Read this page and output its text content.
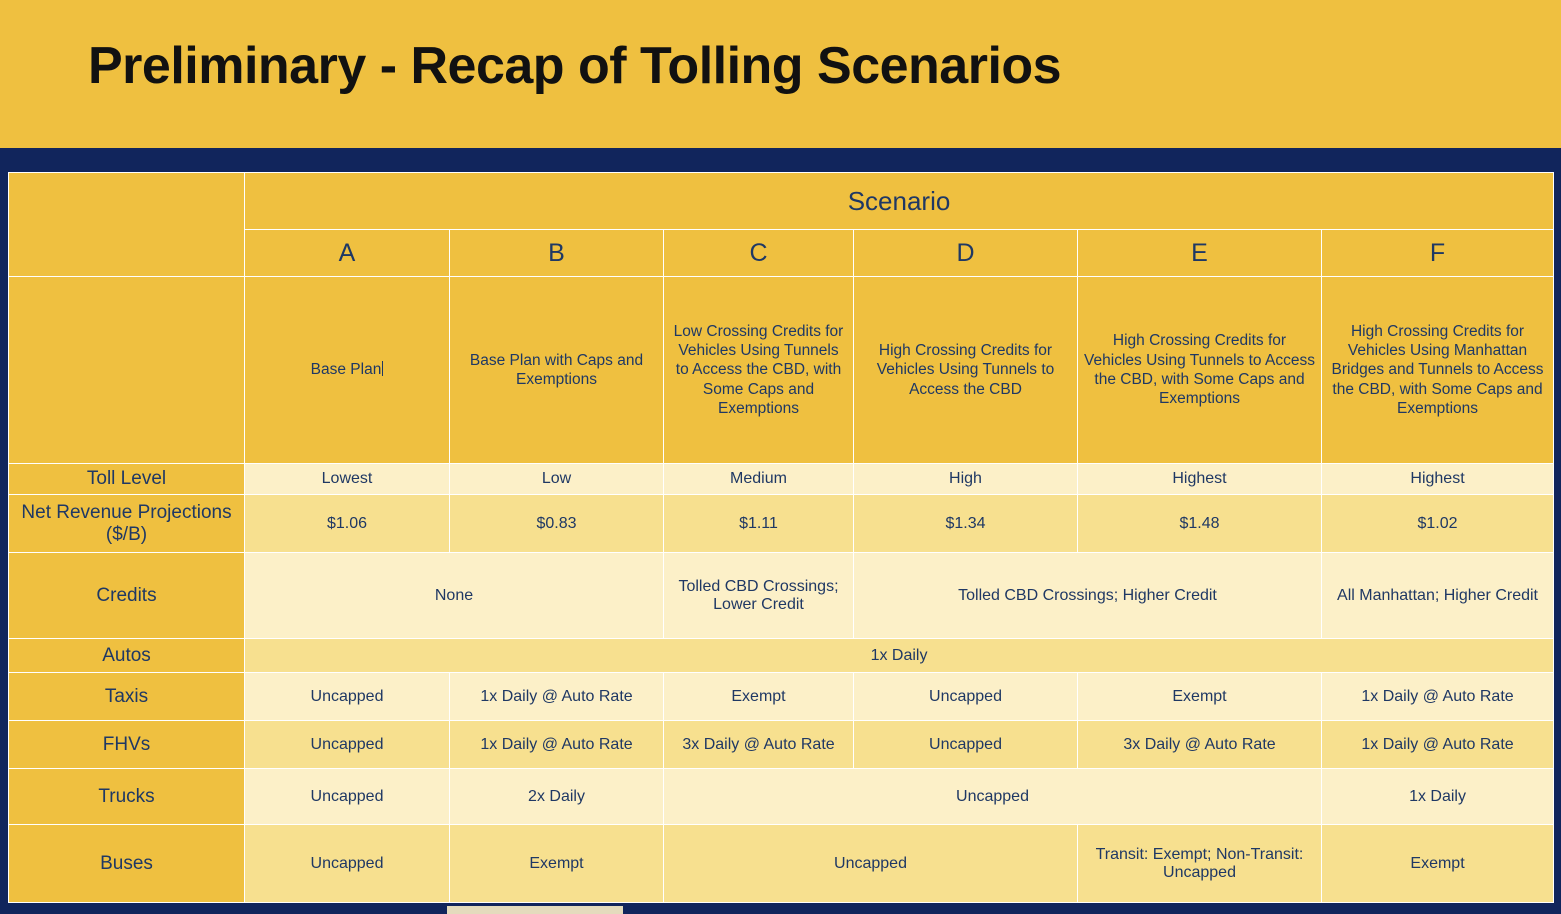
Preliminary - Recap of Tolling Scenarios
	Scenario					
	A	B	C	D	E	F
	Base Plan	Base Plan with Caps and Exemptions	Low Crossing Credits for Vehicles Using Tunnels to Access the CBD, with Some Caps and Exemptions	High Crossing Credits for Vehicles Using Tunnels to Access the CBD	High Crossing Credits for Vehicles Using Tunnels to Access the CBD, with Some Caps and Exemptions	High Crossing Credits for Vehicles Using Manhattan Bridges and Tunnels to Access the CBD, with Some Caps and Exemptions
Toll Level	Lowest	Low	Medium	High	Highest	Highest
Net Revenue Projections ($/B)	$1.06	$0.83	$1.11	$1.34	$1.48	$1.02
Credits	None		Tolled CBD Crossings; Lower Credit	Tolled CBD Crossings; Higher Credit		All Manhattan; Higher Credit
Autos	1x Daily					
Taxis	Uncapped	1x Daily @ Auto Rate	Exempt	Uncapped	Exempt	1x Daily @ Auto Rate
FHVs	Uncapped	1x Daily @ Auto Rate	3x Daily @ Auto Rate	Uncapped	3x Daily @ Auto Rate	1x Daily @ Auto Rate
Trucks	Uncapped	2x Daily	Uncapped			1x Daily
Buses	Uncapped	Exempt	Uncapped		Transit: Exempt; Non-Transit: Uncapped	Exempt
